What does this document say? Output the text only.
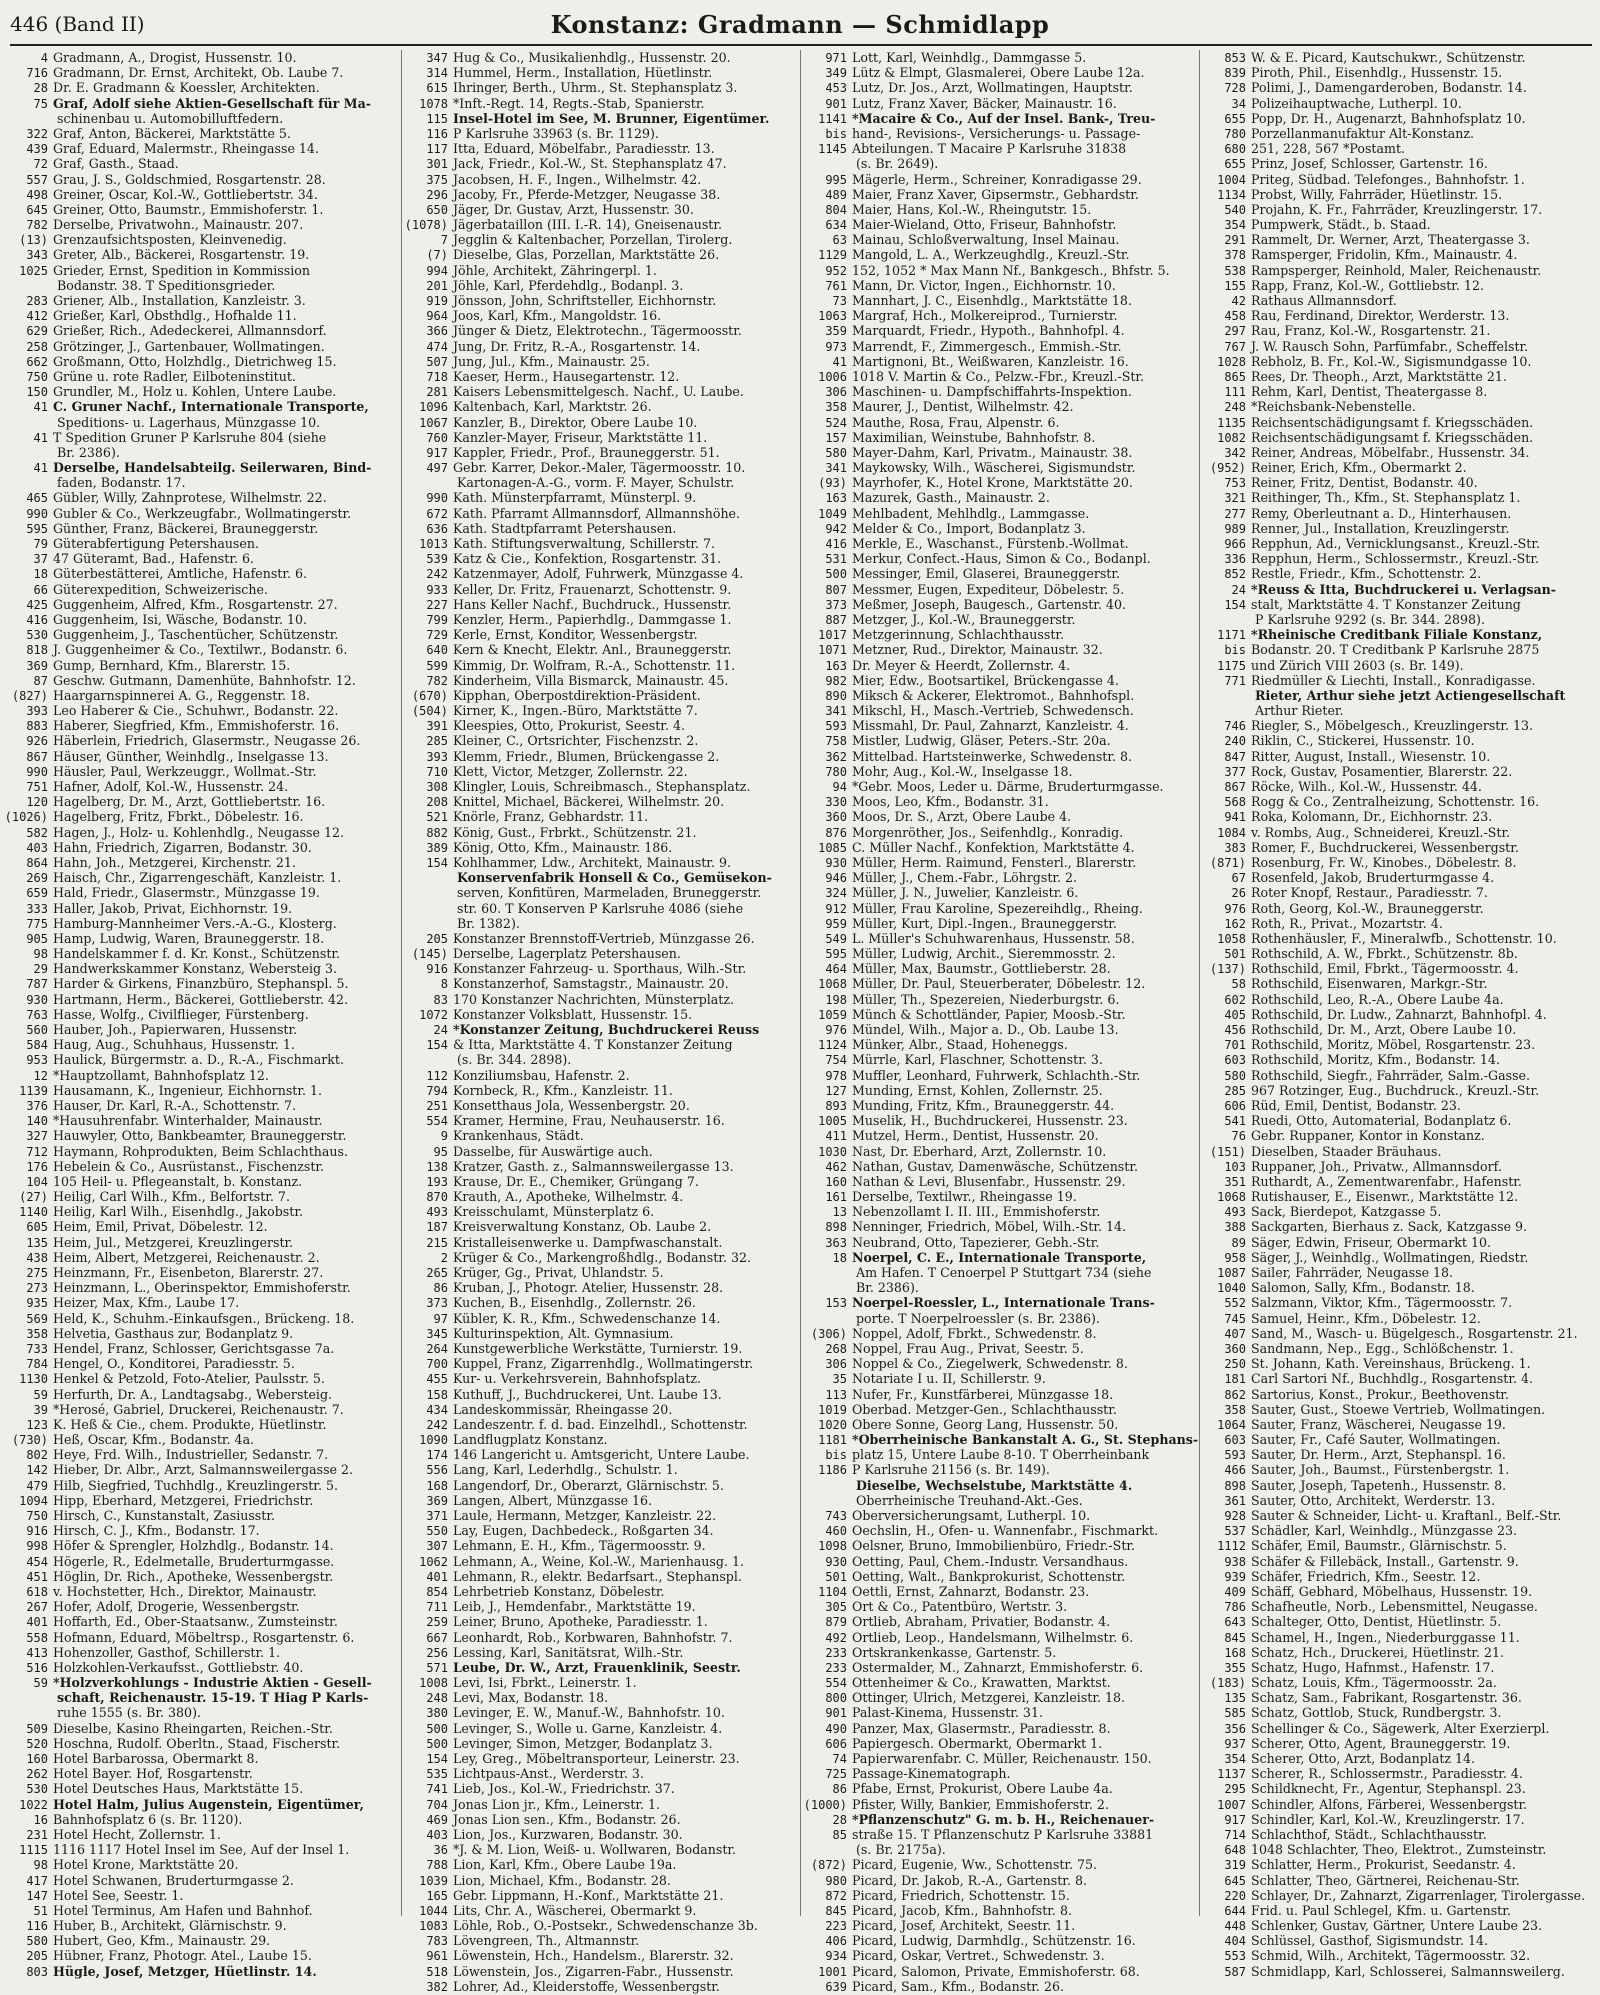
446 (Band II)	Konstanz: Gradmann — Schmidlapp
4 Gradmann, A., Drogist, Hussenstr. 10.
716 Gradmann, Dr. Ernst, Architekt, Ob. Laube 7.
28 Dr. E. Gradmann & Koessler, Architekten.
75 Graf, Adolf siehe Aktien-Gesellschaft für Ma-
schinenbau u. Automobilluftfedern.
322 Graf, Anton, Bäckerei, Marktstätte 5.
439 Graf, Eduard, Malermstr., Rheingasse 14.
72 Graf, Gasth., Staad.
557 Grau, J. S., Goldschmied, Rosgartenstr. 28.
498 Greiner, Oscar, Kol.-W., Gottliebertstr. 34.
645 Greiner, Otto, Baumstr., Emmishoferstr. 1.
782 Derselbe, Privatwohn., Mainaustr. 207.
(13) Grenzaufsichtsposten, Kleinvenedig.
343 Greter, Alb., Bäckerei, Rosgartenstr. 19.
1025 Grieder, Ernst, Spedition in Kommission
Bodanstr. 38. T Speditionsgrieder.
283 Griener, Alb., Installation, Kanzleistr. 3.
412 Grießer, Karl, Obsthdlg., Hofhalde 11.
629 Grießer, Rich., Adedeckerei, Allmannsdorf.
258 Grötzinger, J., Gartenbauer, Wollmatingen.
662 Großmann, Otto, Holzhdlg., Dietrichweg 15.
750 Grüne u. rote Radler, Eilboteninstitut.
150 Grundler, M., Holz u. Kohlen, Untere Laube.
41 C. Gruner Nachf., Internationale Transporte,
Speditions- u. Lagerhaus, Münzgasse 10.
41 T Spedition Gruner P Karlsruhe 804 (siehe
Br. 2386).
41 Derselbe, Handelsabteilg. Seilerwaren, Bind-
faden, Bodanstr. 17.
465 Gübler, Willy, Zahnprotese, Wilhelmstr. 22.
990 Gubler & Co., Werkzeugfabr., Wollmatingerstr.
595 Günther, Franz, Bäckerei, Brauneggerstr.
79 Güterabfertigung Petershausen.
37 47 Güteramt, Bad., Hafenstr. 6.
18 Güterbestätterei, Amtliche, Hafenstr. 6.
66 Güterexpedition, Schweizerische.
425 Guggenheim, Alfred, Kfm., Rosgartenstr. 27.
416 Guggenheim, Isi, Wäsche, Bodanstr. 10.
530 Guggenheim, J., Taschentücher, Schützenstr.
818 J. Guggenheimer & Co., Textilwr., Bodanstr. 6.
369 Gump, Bernhard, Kfm., Blarerstr. 15.
87 Geschw. Gutmann, Damenhüte, Bahnhofstr. 12.
(827) Haargarnspinnerei A. G., Reggenstr. 18.
393 Leo Haberer & Cie., Schuhwr., Bodanstr. 22.
883 Haberer, Siegfried, Kfm., Emmishoferstr. 16.
926 Häberlein, Friedrich, Glasermstr., Neugasse 26.
867 Häuser, Günther, Weinhdlg., Inselgasse 13.
990 Häusler, Paul, Werkzeuggr., Wollmat.-Str.
751 Hafner, Adolf, Kol.-W., Hussenstr. 24.
120 Hagelberg, Dr. M., Arzt, Gottliebertstr. 16.
(1026) Hagelberg, Fritz, Fbrkt., Döbelestr. 16.
582 Hagen, J., Holz- u. Kohlenhdlg., Neugasse 12.
403 Hahn, Friedrich, Zigarren, Bodanstr. 30.
864 Hahn, Joh., Metzgerei, Kirchenstr. 21.
269 Haisch, Chr., Zigarrengeschäft, Kanzleistr. 1.
659 Hald, Friedr., Glasermstr., Münzgasse 19.
333 Haller, Jakob, Privat, Eichhornstr. 19.
775 Hamburg-Mannheimer Vers.-A.-G., Klosterg.
905 Hamp, Ludwig, Waren, Brauneggerstr. 18.
98 Handelskammer f. d. Kr. Konst., Schützenstr.
29 Handwerkskammer Konstanz, Webersteig 3.
787 Harder & Girkens, Finanzbüro, Stephanspl. 5.
930 Hartmann, Herm., Bäckerei, Gottlieberstr. 42.
763 Hasse, Wolfg., Civilflieger, Fürstenberg.
560 Hauber, Joh., Papierwaren, Hussenstr.
584 Haug, Aug., Schuhhaus, Hussenstr. 1.
953 Haulick, Bürgermstr. a. D., R.-A., Fischmarkt.
12 *Hauptzollamt, Bahnhofsplatz 12.
1139 Hausamann, K., Ingenieur, Eichhornstr. 1.
376 Hauser, Dr. Karl, R.-A., Schottenstr. 7.
140 *Hausuhrenfabr. Winterhalder, Mainaustr.
327 Hauwyler, Otto, Bankbeamter, Brauneggerstr.
712 Haymann, Rohprodukten, Beim Schlachthaus.
176 Hebelein & Co., Ausrüstanst., Fischenzstr.
104 105 Heil- u. Pflegeanstalt, b. Konstanz.
(27) Heilig, Carl Wilh., Kfm., Belfortstr. 7.
1140 Heilig, Karl Wilh., Eisenhdlg., Jakobstr.
605 Heim, Emil, Privat, Döbelestr. 12.
135 Heim, Jul., Metzgerei, Kreuzlingerstr.
438 Heim, Albert, Metzgerei, Reichenaustr. 2.
275 Heinzmann, Fr., Eisenbeton, Blarerstr. 27.
273 Heinzmann, L., Oberinspektor, Emmishoferstr.
935 Heizer, Max, Kfm., Laube 17.
569 Held, K., Schuhm.-Einkaufsgen., Brückeng. 18.
358 Helvetia, Gasthaus zur, Bodanplatz 9.
733 Hendel, Franz, Schlosser, Gerichtsgasse 7a.
784 Hengel, O., Konditorei, Paradiesstr. 5.
1130 Henkel & Petzold, Foto-Atelier, Paulsstr. 5.
59 Herfurth, Dr. A., Landtagsabg., Webersteig.
39 *Herosé, Gabriel, Druckerei, Reichenaustr. 7.
123 K. Heß & Cie., chem. Produkte, Hüetlinstr.
(730) Heß, Oscar, Kfm., Bodanstr. 4a.
802 Heye, Frd. Wilh., Industrieller, Sedanstr. 7.
142 Hieber, Dr. Albr., Arzt, Salmannsweilergasse 2.
479 Hilb, Siegfried, Tuchhdlg., Kreuzlingerstr. 5.
1094 Hipp, Eberhard, Metzgerei, Friedrichstr.
750 Hirsch, C., Kunstanstalt, Zasiusstr.
916 Hirsch, C. J., Kfm., Bodanstr. 17.
998 Höfer & Sprengler, Holzhdlg., Bodanstr. 14.
454 Högerle, R., Edelmetalle, Bruderturmgasse.
451 Höglin, Dr. Rich., Apotheke, Wessenbergstr.
618 v. Hochstetter, Hch., Direktor, Mainaustr.
267 Hofer, Adolf, Drogerie, Wessenbergstr.
401 Hoffarth, Ed., Ober-Staatsanw., Zumsteinstr.
558 Hofmann, Eduard, Möbeltrsp., Rosgartenstr. 6.
413 Hohenzoller, Gasthof, Schillerstr. 1.
516 Holzkohlen-Verkaufsst., Gottliebstr. 40.
59 *Holzverkohlungs - Industrie Aktien - Gesell-
schaft, Reichenaustr. 15-19. T Hiag P Karls-
ruhe 1555 (s. Br. 380).
509 Dieselbe, Kasino Rheingarten, Reichen.-Str.
520 Hoschna, Rudolf. Oberltn., Staad, Fischerstr.
160 Hotel Barbarossa, Obermarkt 8.
262 Hotel Bayer. Hof, Rosgartenstr.
530 Hotel Deutsches Haus, Marktstätte 15.
1022 Hotel Halm, Julius Augenstein, Eigentümer,
16 Bahnhofsplatz 6 (s. Br. 1120).
231 Hotel Hecht, Zollernstr. 1.
1115 1116 1117 Hotel Insel im See, Auf der Insel 1.
98 Hotel Krone, Marktstätte 20.
417 Hotel Schwanen, Bruderturmgasse 2.
147 Hotel See, Seestr. 1.
51 Hotel Terminus, Am Hafen und Bahnhof.
116 Huber, B., Architekt, Glärnischstr. 9.
580 Hubert, Geo, Kfm., Mainaustr. 29.
205 Hübner, Franz, Photogr. Atel., Laube 15.
803 Hügle, Josef, Metzger, Hüetlinstr. 14.
347 Hug & Co., Musikalienhdlg., Hussenstr. 20.
314 Hummel, Herm., Installation, Hüetlinstr.
615 Ihringer, Berth., Uhrm., St. Stephansplatz 3.
1078 *Inft.-Regt. 14, Regts.-Stab, Spanierstr.
115 Insel-Hotel im See, M. Brunner, Eigentümer.
116 P Karlsruhe 33963 (s. Br. 1129).
117 Itta, Eduard, Möbelfabr., Paradiesstr. 13.
301 Jack, Friedr., Kol.-W., St. Stephansplatz 47.
375 Jacobsen, H. F., Ingen., Wilhelmstr. 42.
296 Jacoby, Fr., Pferde-Metzger, Neugasse 38.
650 Jäger, Dr. Gustav, Arzt, Hussenstr. 30.
(1078) Jägerbataillon (III. I.-R. 14), Gneisenaustr.
7 Jegglin & Kaltenbacher, Porzellan, Tirolerg.
(7) Dieselbe, Glas, Porzellan, Marktstätte 26.
994 Jöhle, Architekt, Zähringerpl. 1.
201 Jöhle, Karl, Pferdehdlg., Bodanpl. 3.
919 Jönsson, John, Schriftsteller, Eichhornstr.
964 Joos, Karl, Kfm., Mangoldstr. 16.
366 Jünger & Dietz, Elektrotechn., Tägermoosstr.
474 Jung, Dr. Fritz, R.-A., Rosgartenstr. 14.
507 Jung, Jul., Kfm., Mainaustr. 25.
718 Kaeser, Herm., Hausegartenstr. 12.
281 Kaisers Lebensmittelgesch. Nachf., U. Laube.
1096 Kaltenbach, Karl, Marktstr. 26.
1067 Kanzler, B., Direktor, Obere Laube 10.
760 Kanzler-Mayer, Friseur, Marktstätte 11.
917 Kappler, Friedr., Prof., Brauneggerstr. 51.
497 Gebr. Karrer, Dekor.-Maler, Tägermoosstr. 10.
Kartonagen-A.-G., vorm. F. Mayer, Schulstr.
990 Kath. Münsterpfarramt, Münsterpl. 9.
672 Kath. Pfarramt Allmannsdorf, Allmannshöhe.
636 Kath. Stadtpfarramt Petershausen.
1013 Kath. Stiftungsverwaltung, Schillerstr. 7.
539 Katz & Cie., Konfektion, Rosgartenstr. 31.
242 Katzenmayer, Adolf, Fuhrwerk, Münzgasse 4.
933 Keller, Dr. Fritz, Frauenarzt, Schottenstr. 9.
227 Hans Keller Nachf., Buchdruck., Hussenstr.
799 Kenzler, Herm., Papierhdlg., Dammgasse 1.
729 Kerle, Ernst, Konditor, Wessenbergstr.
640 Kern & Knecht, Elektr. Anl., Brauneggerstr.
599 Kimmig, Dr. Wolfram, R.-A., Schottenstr. 11.
782 Kinderheim, Villa Bismarck, Mainaustr. 45.
(670) Kipphan, Oberpostdirektion-Präsident.
(504) Kirner, K., Ingen.-Büro, Marktstätte 7.
391 Kleespies, Otto, Prokurist, Seestr. 4.
285 Kleiner, C., Ortsrichter, Fischenzstr. 2.
393 Klemm, Friedr., Blumen, Brückengasse 2.
710 Klett, Victor, Metzger, Zollernstr. 22.
308 Klingler, Louis, Schreibmasch., Stephansplatz.
208 Knittel, Michael, Bäckerei, Wilhelmstr. 20.
521 Knörle, Franz, Gebhardstr. 11.
882 König, Gust., Frbrkt., Schützenstr. 21.
389 König, Otto, Kfm., Mainaustr. 186.
154 Kohlhammer, Ldw., Architekt, Mainaustr. 9.
Konservenfabrik Honsell & Co., Gemüsekon-
serven, Konfitüren, Marmeladen, Bruneggerstr.
str. 60. T Konserven P Karlsruhe 4086 (siehe
Br. 1382).
205 Konstanzer Brennstoff-Vertrieb, Münzgasse 26.
(145) Derselbe, Lagerplatz Petershausen.
916 Konstanzer Fahrzeug- u. Sporthaus, Wilh.-Str.
8 Konstanzerhof, Samstagstr., Mainaustr. 20.
83 170 Konstanzer Nachrichten, Münsterplatz.
1072 Konstanzer Volksblatt, Hussenstr. 15.
24 *Konstanzer Zeitung, Buchdruckerei Reuss
154 & Itta, Marktstätte 4. T Konstanzer Zeitung
(s. Br. 344. 2898).
112 Konziliumsbau, Hafenstr. 2.
794 Kornbeck, R., Kfm., Kanzleistr. 11.
251 Konsetthaus Jola, Wessenbergstr. 20.
554 Kramer, Hermine, Frau, Neuhauserstr. 16.
9 Krankenhaus, Städt.
95 Dasselbe, für Auswärtige auch.
138 Kratzer, Gasth. z., Salmannsweilergasse 13.
193 Krause, Dr. E., Chemiker, Grüngang 7.
870 Krauth, A., Apotheke, Wilhelmstr. 4.
493 Kreisschulamt, Münsterplatz 6.
187 Kreisverwaltung Konstanz, Ob. Laube 2.
215 Kristalleisenwerke u. Dampfwaschanstalt.
2 Krüger & Co., Markengroßhdlg., Bodanstr. 32.
265 Krüger, Gg., Privat, Uhlandstr. 5.
86 Kruban, J., Photogr. Atelier, Hussenstr. 28.
373 Kuchen, B., Eisenhdlg., Zollernstr. 26.
97 Kübler, K. R., Kfm., Schwedenschanze 14.
345 Kulturinspektion, Alt. Gymnasium.
264 Kunstgewerbliche Werkstätte, Turnierstr. 19.
700 Kuppel, Franz, Zigarrenhdlg., Wollmatingerstr.
455 Kur- u. Verkehrsverein, Bahnhofsplatz.
158 Kuthuff, J., Buchdruckerei, Unt. Laube 13.
434 Landeskommissär, Rheingasse 20.
242 Landeszentr. f. d. bad. Einzelhdl., Schottenstr.
1090 Landflugplatz Konstanz.
174 146 Langericht u. Amtsgericht, Untere Laube.
556 Lang, Karl, Lederhdlg., Schulstr. 1.
168 Langendorf, Dr., Oberarzt, Glärnischstr. 5.
369 Langen, Albert, Münzgasse 16.
371 Laule, Hermann, Metzger, Kanzleistr. 22.
550 Lay, Eugen, Dachbedeck., Roßgarten 34.
307 Lehmann, E. H., Kfm., Tägermoosstr. 9.
1062 Lehmann, A., Weine, Kol.-W., Marienhausg. 1.
401 Lehmann, R., elektr. Bedarfsart., Stephanspl.
854 Lehrbetrieb Konstanz, Döbelestr.
711 Leib, J., Hemdenfabr., Marktstätte 19.
259 Leiner, Bruno, Apotheke, Paradiesstr. 1.
667 Leonhardt, Rob., Korbwaren, Bahnhofstr. 7.
256 Lessing, Karl, Sanitätsrat, Wilh.-Str.
571 Leube, Dr. W., Arzt, Frauenklinik, Seestr.
1008 Levi, Isi, Fbrkt., Leinerstr. 1.
248 Levi, Max, Bodanstr. 18.
380 Levinger, E. W., Manuf.-W., Bahnhofstr. 10.
500 Levinger, S., Wolle u. Garne, Kanzleistr. 4.
500 Levinger, Simon, Metzger, Bodanplatz 3.
154 Ley, Greg., Möbeltransporteur, Leinerstr. 23.
535 Lichtpaus-Anst., Werderstr. 3.
741 Lieb, Jos., Kol.-W., Friedrichstr. 37.
704 Jonas Lion jr., Kfm., Leinerstr. 1.
469 Jonas Lion sen., Kfm., Bodanstr. 26.
403 Lion, Jos., Kurzwaren, Bodanstr. 30.
36 *J. & M. Lion, Weiß- u. Wollwaren, Bodanstr.
788 Lion, Karl, Kfm., Obere Laube 19a.
1039 Lion, Michael, Kfm., Bodanstr. 28.
165 Gebr. Lippmann, H.-Konf., Marktstätte 21.
1044 Lits, Chr. A., Wäscherei, Obermarkt 9.
1083 Löhle, Rob., O.-Postsekr., Schwedenschanze 3b.
783 Lövengreen, Th., Altmannstr.
961 Löwenstein, Hch., Handelsm., Blarerstr. 32.
518 Löwenstein, Jos., Zigarren-Fabr., Hussenstr.
382 Lohrer, Ad., Kleiderstoffe, Wessenbergstr.
971 Lott, Karl, Weinhdlg., Dammgasse 5.
349 Lütz & Elmpt, Glasmalerei, Obere Laube 12a.
453 Lutz, Dr. Jos., Arzt, Wollmatingen, Hauptstr.
901 Lutz, Franz Xaver, Bäcker, Mainaustr. 16.
1141 *Macaire & Co., Auf der Insel. Bank-, Treu-
bis hand-, Revisions-, Versicherungs- u. Passage-
1145 Abteilungen. T Macaire P Karlsruhe 31838
(s. Br. 2649).
995 Mägerle, Herm., Schreiner, Konradigasse 29.
489 Maier, Franz Xaver, Gipsermstr., Gebhardstr.
804 Maier, Hans, Kol.-W., Rheingutstr. 15.
634 Maier-Wieland, Otto, Friseur, Bahnhofstr.
63 Mainau, Schloßverwaltung, Insel Mainau.
1129 Mangold, L. A., Werkzeughdlg., Kreuzl.-Str.
952 152, 1052 * Max Mann Nf., Bankgesch., Bhfstr. 5.
761 Mann, Dr. Victor, Ingen., Eichhornstr. 10.
73 Mannhart, J. C., Eisenhdlg., Marktstätte 18.
1063 Margraf, Hch., Molkereiprod., Turnierstr.
359 Marquardt, Friedr., Hypoth., Bahnhofpl. 4.
973 Marrendt, F., Zimmergesch., Emmish.-Str.
41 Martignoni, Bt., Weißwaren, Kanzleistr. 16.
1006 1018 V. Martin & Co., Pelzw.-Fbr., Kreuzl.-Str.
306 Maschinen- u. Dampfschiffahrts-Inspektion.
358 Maurer, J., Dentist, Wilhelmstr. 42.
524 Mauthe, Rosa, Frau, Alpenstr. 6.
157 Maximilian, Weinstube, Bahnhofstr. 8.
580 Mayer-Dahm, Karl, Privatm., Mainaustr. 38.
341 Maykowsky, Wilh., Wäscherei, Sigismundstr.
(93) Mayrhofer, K., Hotel Krone, Marktstätte 20.
163 Mazurek, Gasth., Mainaustr. 2.
1049 Mehlbadent, Mehlhdlg., Lammgasse.
942 Melder & Co., Import, Bodanplatz 3.
416 Merkle, E., Waschanst., Fürstenb.-Wollmat.
531 Merkur, Confect.-Haus, Simon & Co., Bodanpl.
500 Messinger, Emil, Glaserei, Brauneggerstr.
807 Messmer, Eugen, Expediteur, Döbelestr. 5.
373 Meßmer, Joseph, Baugesch., Gartenstr. 40.
887 Metzger, J., Kol.-W., Brauneggerstr.
1017 Metzgerinnung, Schlachthausstr.
1071 Metzner, Rud., Direktor, Mainaustr. 32.
163 Dr. Meyer & Heerdt, Zollernstr. 4.
982 Mier, Edw., Bootsartikel, Brückengasse 4.
890 Miksch & Ackerer, Elektromot., Bahnhofspl.
341 Mikschl, H., Masch.-Vertrieb, Schwedensch.
593 Missmahl, Dr. Paul, Zahnarzt, Kanzleistr. 4.
758 Mistler, Ludwig, Gläser, Peters.-Str. 20a.
362 Mittelbad. Hartsteinwerke, Schwedenstr. 8.
780 Mohr, Aug., Kol.-W., Inselgasse 18.
94 *Gebr. Moos, Leder u. Därme, Bruderturmgasse.
330 Moos, Leo, Kfm., Bodanstr. 31.
360 Moos, Dr. S., Arzt, Obere Laube 4.
876 Morgenröther, Jos., Seifenhdlg., Konradig.
1085 C. Müller Nachf., Konfektion, Marktstätte 4.
930 Müller, Herm. Raimund, Fensterl., Blarerstr.
946 Müller, J., Chem.-Fabr., Löhrgstr. 2.
324 Müller, J. N., Juwelier, Kanzleistr. 6.
912 Müller, Frau Karoline, Spezereihdlg., Rheing.
959 Müller, Kurt, Dipl.-Ingen., Brauneggerstr.
549 L. Müller's Schuhwarenhaus, Hussenstr. 58.
595 Müller, Ludwig, Archit., Sieremmosstr. 2.
464 Müller, Max, Baumstr., Gottlieberstr. 28.
1068 Müller, Dr. Paul, Steuerberater, Döbelestr. 12.
198 Müller, Th., Spezereien, Niederburgstr. 6.
1059 Münch & Schottländer, Papier, Moosb.-Str.
976 Mündel, Wilh., Major a. D., Ob. Laube 13.
1124 Münker, Albr., Staad, Hoheneggs.
754 Mürrle, Karl, Flaschner, Schottenstr. 3.
978 Muffler, Leonhard, Fuhrwerk, Schlachth.-Str.
127 Munding, Ernst, Kohlen, Zollernstr. 25.
893 Munding, Fritz, Kfm., Brauneggerstr. 44.
1005 Muselik, H., Buchdruckerei, Hussenstr. 23.
411 Mutzel, Herm., Dentist, Hussenstr. 20.
1030 Nast, Dr. Eberhard, Arzt, Zollernstr. 10.
462 Nathan, Gustav, Damenwäsche, Schützenstr.
160 Nathan & Levi, Blusenfabr., Hussenstr. 29.
161 Derselbe, Textilwr., Rheingasse 19.
13 Nebenzollamt I. II. III., Emmishoferstr.
898 Nenninger, Friedrich, Möbel, Wilh.-Str. 14.
363 Neubrand, Otto, Tapezierer, Gebh.-Str.
18 Noerpel, C. E., Internationale Transporte,
Am Hafen. T Cenoerpel P Stuttgart 734 (siehe
Br. 2386).
153 Noerpel-Roessler, L., Internationale Trans-
porte. T Noerpelroessler (s. Br. 2386).
(306) Noppel, Adolf, Fbrkt., Schwedenstr. 8.
268 Noppel, Frau Aug., Privat, Seestr. 5.
306 Noppel & Co., Ziegelwerk, Schwedenstr. 8.
35 Notariate I u. II, Schillerstr. 9.
113 Nufer, Fr., Kunstfärberei, Münzgasse 18.
1019 Oberbad. Metzger-Gen., Schlachthausstr.
1020 Obere Sonne, Georg Lang, Hussenstr. 50.
1181 *Oberrheinische Bankanstalt A. G., St. Stephans-
bis platz 15, Untere Laube 8-10. T Oberrheinbank
1186 P Karlsruhe 21156 (s. Br. 149).
Dieselbe, Wechselstube, Marktstätte 4.
Oberrheinische Treuhand-Akt.-Ges.
743 Oberversicherungsamt, Lutherpl. 10.
460 Oechslin, H., Ofen- u. Wannenfabr., Fischmarkt.
1098 Oelsner, Bruno, Immobilienbüro, Friedr.-Str.
930 Oetting, Paul, Chem.-Industr. Versandhaus.
501 Oetting, Walt., Bankprokurist, Schottenstr.
1104 Oettli, Ernst, Zahnarzt, Bodanstr. 23.
305 Ort & Co., Patentbüro, Wertstr. 3.
879 Ortlieb, Abraham, Privatier, Bodanstr. 4.
492 Ortlieb, Leop., Handelsmann, Wilhelmstr. 6.
233 Ortskrankenkasse, Gartenstr. 5.
233 Ostermalder, M., Zahnarzt, Emmishoferstr. 6.
554 Ottenheimer & Co., Krawatten, Marktst.
800 Ottinger, Ulrich, Metzgerei, Kanzleistr. 18.
901 Palast-Kinema, Hussenstr. 31.
490 Panzer, Max, Glasermstr., Paradiesstr. 8.
606 Papiergesch. Obermarkt, Obermarkt 1.
74 Papierwarenfabr. C. Müller, Reichenaustr. 150.
725 Passage-Kinematograph.
86 Pfabe, Ernst, Prokurist, Obere Laube 4a.
(1000) Pfister, Willy, Bankier, Emmishoferstr. 2.
28 *Pflanzenschutz" G. m. b. H., Reichenauer-
85 straße 15. T Pflanzenschutz P Karlsruhe 33881
(s. Br. 2175a).
(872) Picard, Eugenie, Ww., Schottenstr. 75.
980 Picard, Dr. Jakob, R.-A., Gartenstr. 8.
872 Picard, Friedrich, Schottenstr. 15.
845 Picard, Jacob, Kfm., Bahnhofstr. 8.
223 Picard, Josef, Architekt, Seestr. 11.
406 Picard, Ludwig, Darmhdlg., Schützenstr. 16.
934 Picard, Oskar, Vertret., Schwedenstr. 3.
1001 Picard, Salomon, Private, Emmishoferstr. 68.
639 Picard, Sam., Kfm., Bodanstr. 26.
853 W. & E. Picard, Kautschukwr., Schützenstr.
839 Piroth, Phil., Eisenhdlg., Hussenstr. 15.
728 Polimi, J., Damengarderoben, Bodanstr. 14.
34 Polizeihauptwache, Lutherpl. 10.
655 Popp, Dr. H., Augenarzt, Bahnhofsplatz 10.
780 Porzellanmanufaktur Alt-Konstanz.
680 251, 228, 567 *Postamt.
655 Prinz, Josef, Schlosser, Gartenstr. 16.
1004 Priteg, Südbad. Telefonges., Bahnhofstr. 1.
1134 Probst, Willy, Fahrräder, Hüetlinstr. 15.
540 Projahn, K. Fr., Fahrräder, Kreuzlingerstr. 17.
354 Pumpwerk, Städt., b. Staad.
291 Rammelt, Dr. Werner, Arzt, Theatergasse 3.
378 Ramsperger, Fridolin, Kfm., Mainaustr. 4.
538 Rampsperger, Reinhold, Maler, Reichenaustr.
155 Rapp, Franz, Kol.-W., Gottliebstr. 12.
42 Rathaus Allmannsdorf.
458 Rau, Ferdinand, Direktor, Werderstr. 13.
297 Rau, Franz, Kol.-W., Rosgartenstr. 21.
767 J. W. Rausch Sohn, Parfümfabr., Scheffelstr.
1028 Rebholz, B. Fr., Kol.-W., Sigismundgasse 10.
865 Rees, Dr. Theoph., Arzt, Marktstätte 21.
111 Rehm, Karl, Dentist, Theatergasse 8.
248 *Reichsbank-Nebenstelle.
1135 Reichsentschädigungsamt f. Kriegsschäden.
1082 Reichsentschädigungsamt f. Kriegsschäden.
342 Reiner, Andreas, Möbelfabr., Hussenstr. 34.
(952) Reiner, Erich, Kfm., Obermarkt 2.
753 Reiner, Fritz, Dentist, Bodanstr. 40.
321 Reithinger, Th., Kfm., St. Stephansplatz 1.
277 Remy, Oberleutnant a. D., Hinterhausen.
989 Renner, Jul., Installation, Kreuzlingerstr.
966 Repphun, Ad., Vernicklungsanst., Kreuzl.-Str.
336 Repphun, Herm., Schlossermstr., Kreuzl.-Str.
852 Restle, Friedr., Kfm., Schottenstr. 2.
24 *Reuss & Itta, Buchdruckerei u. Verlagsan-
154 stalt, Marktstätte 4. T Konstanzer Zeitung
P Karlsruhe 9292 (s. Br. 344. 2898).
1171 *Rheinische Creditbank Filiale Konstanz,
bis Bodanstr. 20. T Creditbank P Karlsruhe 2875
1175 und Zürich VIII 2603 (s. Br. 149).
771 Riedmüller & Liechti, Install., Konradigasse.
Rieter, Arthur siehe jetzt Actiengesellschaft
Arthur Rieter.
746 Riegler, S., Möbelgesch., Kreuzlingerstr. 13.
240 Riklin, C., Stickerei, Hussenstr. 10.
847 Ritter, August, Install., Wiesenstr. 10.
377 Rock, Gustav, Posamentier, Blarerstr. 22.
867 Röcke, Wilh., Kol.-W., Hussenstr. 44.
568 Rogg & Co., Zentralheizung, Schottenstr. 16.
941 Roka, Kolomann, Dr., Eichhornstr. 23.
1084 v. Rombs, Aug., Schneiderei, Kreuzl.-Str.
383 Romer, F., Buchdruckerei, Wessenbergstr.
(871) Rosenburg, Fr. W., Kinobes., Döbelestr. 8.
67 Rosenfeld, Jakob, Bruderturmgasse 4.
26 Roter Knopf, Restaur., Paradiesstr. 7.
976 Roth, Georg, Kol.-W., Brauneggerstr.
162 Roth, R., Privat., Mozartstr. 4.
1058 Rothenhäusler, F., Mineralwfb., Schottenstr. 10.
501 Rothschild, A. W., Fbrkt., Schützenstr. 8b.
(137) Rothschild, Emil, Fbrkt., Tägermoosstr. 4.
58 Rothschild, Eisenwaren, Markgr.-Str.
602 Rothschild, Leo, R.-A., Obere Laube 4a.
405 Rothschild, Dr. Ludw., Zahnarzt, Bahnhofpl. 4.
456 Rothschild, Dr. M., Arzt, Obere Laube 10.
701 Rothschild, Moritz, Möbel, Rosgartenstr. 23.
603 Rothschild, Moritz, Kfm., Bodanstr. 14.
580 Rothschild, Siegfr., Fahrräder, Salm.-Gasse.
285 967 Rotzinger, Eug., Buchdruck., Kreuzl.-Str.
606 Rüd, Emil, Dentist, Bodanstr. 23.
541 Ruedi, Otto, Automaterial, Bodanplatz 6.
76 Gebr. Ruppaner, Kontor in Konstanz.
(151) Dieselben, Staader Bräuhaus.
103 Ruppaner, Joh., Privatw., Allmannsdorf.
351 Ruthardt, A., Zementwarenfabr., Hafenstr.
1068 Rutishauser, E., Eisenwr., Marktstätte 12.
493 Sack, Bierdepot, Katzgasse 5.
388 Sackgarten, Bierhaus z. Sack, Katzgasse 9.
89 Säger, Edwin, Friseur, Obermarkt 10.
958 Säger, J., Weinhdlg., Wollmatingen, Riedstr.
1087 Sailer, Fahrräder, Neugasse 18.
1040 Salomon, Sally, Kfm., Bodanstr. 18.
552 Salzmann, Viktor, Kfm., Tägermoosstr. 7.
745 Samuel, Heinr., Kfm., Döbelestr. 12.
407 Sand, M., Wasch- u. Bügelgesch., Rosgartenstr. 21.
360 Sandmann, Nep., Egg., Schlößchenstr. 1.
250 St. Johann, Kath. Vereinshaus, Brückeng. 1.
181 Carl Sartori Nf., Buchhdlg., Rosgartenstr. 4.
862 Sartorius, Konst., Prokur., Beethovenstr.
358 Sauter, Gust., Stoewe Vertrieb, Wollmatingen.
1064 Sauter, Franz, Wäscherei, Neugasse 19.
603 Sauter, Fr., Café Sauter, Wollmatingen.
593 Sauter, Dr. Herm., Arzt, Stephanspl. 16.
466 Sauter, Joh., Baumst., Fürstenbergstr. 1.
898 Sauter, Joseph, Tapetenh., Hussenstr. 8.
361 Sauter, Otto, Architekt, Werderstr. 13.
928 Sauter & Schneider, Licht- u. Kraftanl., Belf.-Str.
537 Schädler, Karl, Weinhdlg., Münzgasse 23.
1112 Schäfer, Emil, Baumstr., Glärnischstr. 5.
938 Schäfer & Fillebäck, Install., Gartenstr. 9.
939 Schäfer, Friedrich, Kfm., Seestr. 12.
409 Schäff, Gebhard, Möbelhaus, Hussenstr. 19.
786 Schafheutle, Norb., Lebensmittel, Neugasse.
643 Schalteger, Otto, Dentist, Hüetlinstr. 5.
845 Schamel, H., Ingen., Niederburggasse 11.
168 Schatz, Hch., Druckerei, Hüetlinstr. 21.
355 Schatz, Hugo, Hafnmst., Hafenstr. 17.
(183) Schatz, Louis, Kfm., Tägermoosstr. 2a.
135 Schatz, Sam., Fabrikant, Rosgartenstr. 36.
585 Schatz, Gottlob, Stuck, Rundbergstr. 3.
356 Schellinger & Co., Sägewerk, Alter Exerzierpl.
937 Scherer, Otto, Agent, Brauneggerstr. 19.
354 Scherer, Otto, Arzt, Bodanplatz 14.
1137 Scherer, R., Schlossermstr., Paradiesstr. 4.
295 Schildknecht, Fr., Agentur, Stephanspl. 23.
1007 Schindler, Alfons, Färberei, Wessenbergstr.
917 Schindler, Karl, Kol.-W., Kreuzlingerstr. 17.
714 Schlachthof, Städt., Schlachthausstr.
648 1048 Schlachter, Theo, Elektrot., Zumsteinstr.
319 Schlatter, Herm., Prokurist, Seedanstr. 4.
645 Schlatter, Theo, Gärtnerei, Reichenau-Str.
220 Schlayer, Dr., Zahnarzt, Zigarrenlager, Tirolergasse.
644 Frid. u. Paul Schlegel, Kfm. u. Gartenstr.
448 Schlenker, Gustav, Gärtner, Untere Laube 23.
404 Schlüssel, Gasthof, Sigismundstr. 14.
553 Schmid, Wilh., Architekt, Tägermoosstr. 32.
587 Schmidlapp, Karl, Schlosserei, Salmannsweilerg.
